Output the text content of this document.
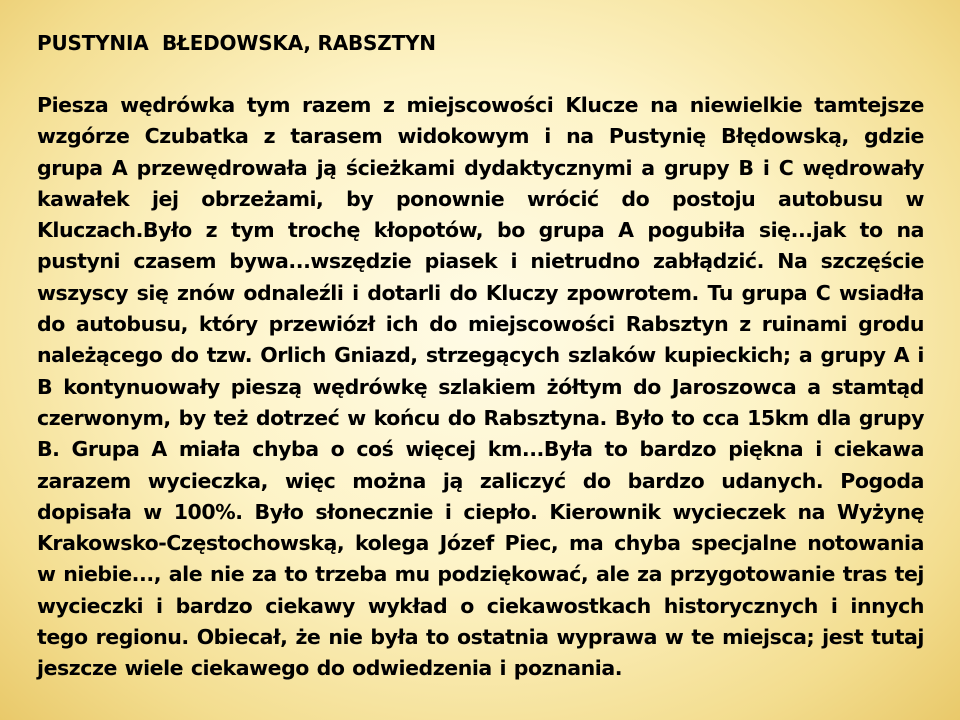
PUSTYNIA  BŁEDOWSKA, RABSZTYN
Piesza wędrówka tym razem z miejscowości Klucze na niewielkie tamtejsze wzgórze Czubatka z tarasem widokowym i na Pustynię Błędowską, gdzie grupa A przewędrowała ją ścieżkami dydaktycznymi a grupy B i C wędrowały kawałek jej obrzeżami, by ponownie wrócić do postoju autobusu w Kluczach.Było z tym trochę kłopotów, bo grupa A pogubiła się...jak to na pustyni czasem bywa...wszędzie piasek i nietrudno zabłądzić. Na szczęście wszyscy się znów odnaleźli i dotarli do Kluczy zpowrotem. Tu grupa C wsiadła do autobusu, który przewiózł ich do miejscowości Rabsztyn z ruinami grodu należącego do tzw. Orlich Gniazd, strzegących szlaków kupieckich; a grupy A i B kontynuowały pieszą wędrówkę szlakiem żółtym do Jaroszowca a stamtąd czerwonym, by też dotrzeć w końcu do Rabsztyna. Było to cca 15km dla grupy B. Grupa A miała chyba o coś więcej km...Była to bardzo piękna i ciekawa zarazem wycieczka, więc można ją zaliczyć do bardzo udanych. Pogoda dopisała w 100%. Było słonecznie i ciepło. Kierownik wycieczek na Wyżynę Krakowsko-Częstochowską, kolega Józef Piec, ma chyba specjalne notowania w niebie..., ale nie za to trzeba mu podziękować, ale za przygotowanie tras tej wycieczki i bardzo ciekawy wykład o ciekawostkach historycznych i innych tego regionu. Obiecał, że nie była to ostatnia wyprawa w te miejsca; jest tutaj jeszcze wiele ciekawego do odwiedzenia i poznania.
